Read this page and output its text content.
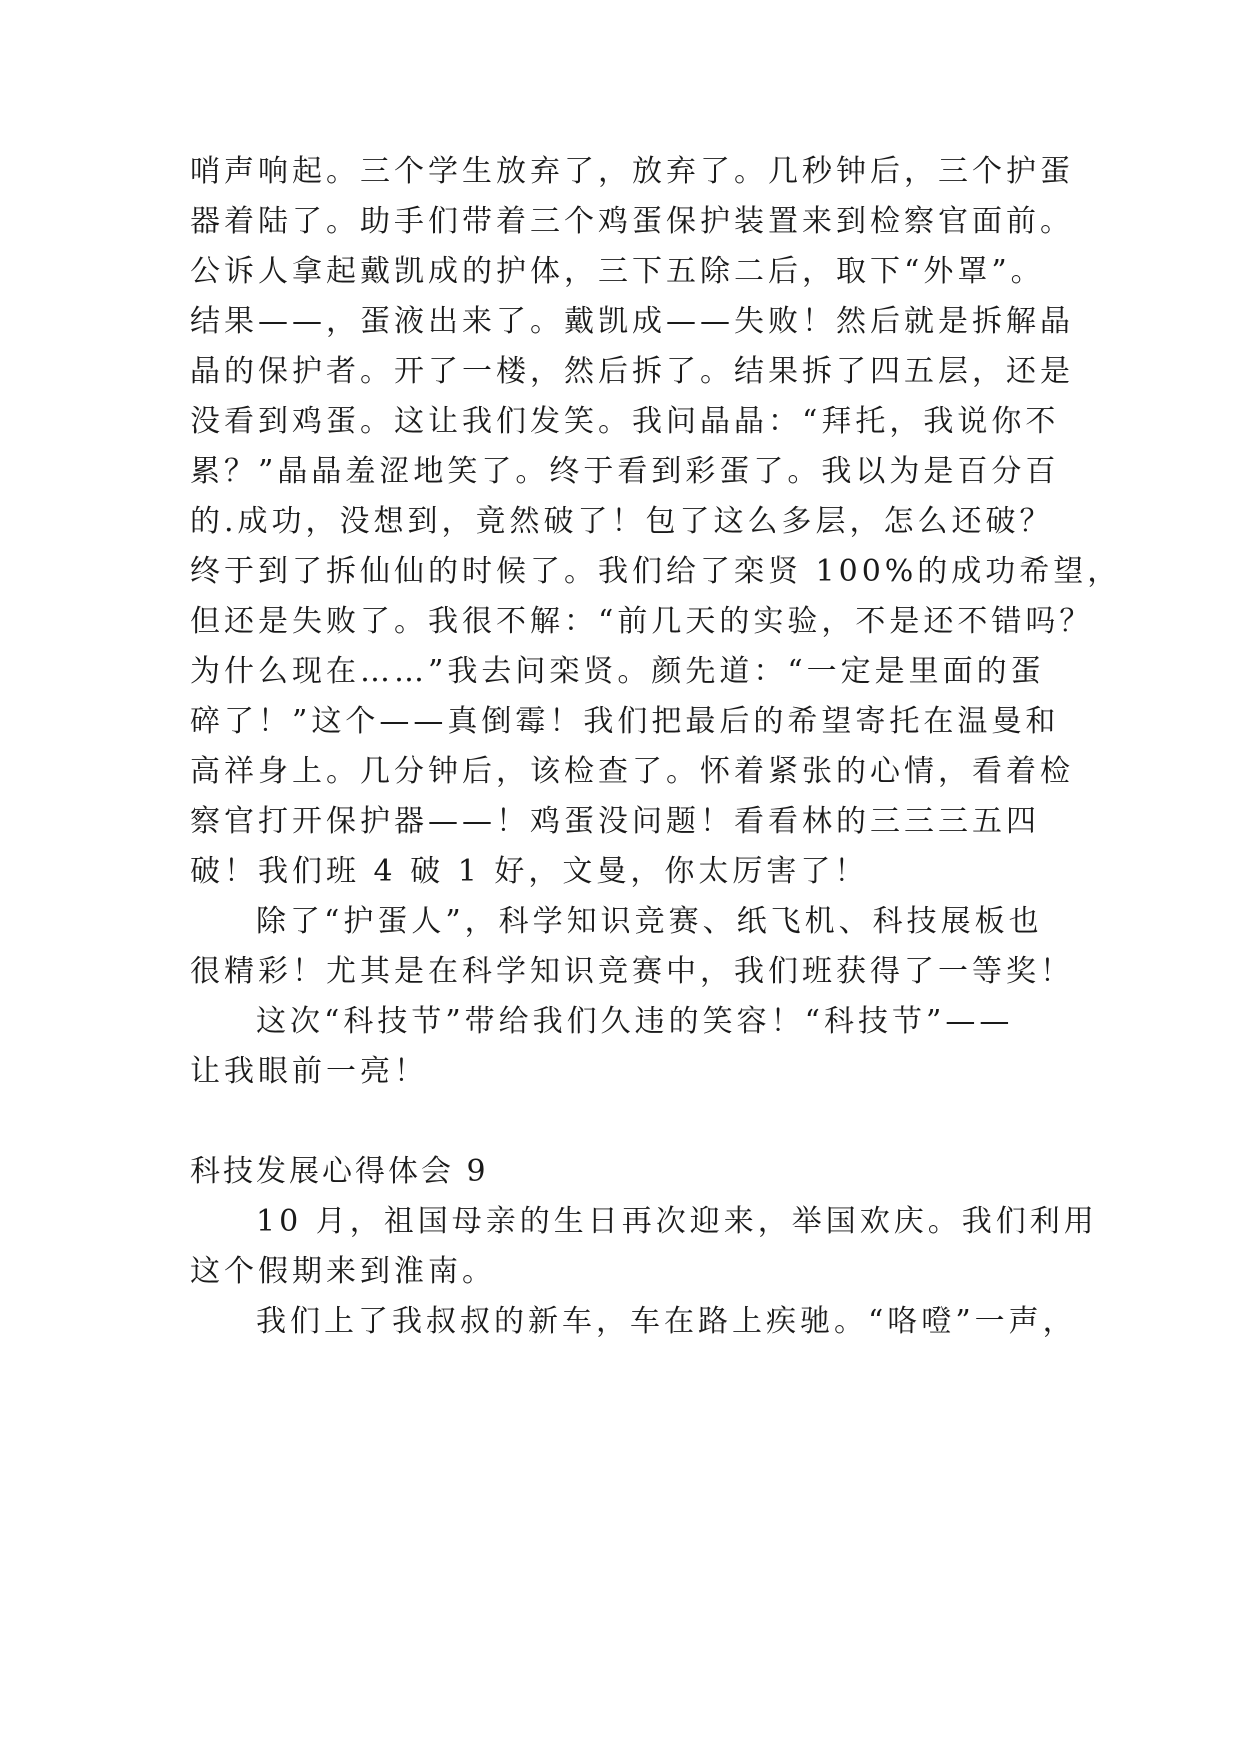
哨声响起。三个学生放弃了，放弃了。几秒钟后，三个护蛋
器着陆了。助手们带着三个鸡蛋保护装置来到检察官面前。
公诉人拿起戴凯成的护体，三下五除二后，取下“外罩”。
结果——，蛋液出来了。戴凯成——失败！然后就是拆解晶
晶的保护者。开了一楼，然后拆了。结果拆了四五层，还是
没看到鸡蛋。这让我们发笑。我问晶晶：“拜托，我说你不
累？”晶晶羞涩地笑了。终于看到彩蛋了。我以为是百分百
的.成功，没想到，竟然破了！包了这么多层，怎么还破？
终于到了拆仙仙的时候了。我们给了栾贤 100%的成功希望，
但还是失败了。我很不解：“前几天的实验，不是还不错吗？
为什么现在……”我去问栾贤。颜先道：“一定是里面的蛋
碎了！”这个——真倒霉！我们把最后的希望寄托在温曼和
高祥身上。几分钟后，该检查了。怀着紧张的心情，看着检
察官打开保护器——！鸡蛋没问题！看看林的三三三五四
破！我们班 4 破 1 好，文曼，你太厉害了！
除了“护蛋人”，科学知识竞赛、纸飞机、科技展板也
很精彩！尤其是在科学知识竞赛中，我们班获得了一等奖！
这次“科技节”带给我们久违的笑容！“科技节”——
让我眼前一亮！
科技发展心得体会 9
10 月，祖国母亲的生日再次迎来，举国欢庆。我们利用
这个假期来到淮南。
我们上了我叔叔的新车，车在路上疾驰。“咯噔”一声，
